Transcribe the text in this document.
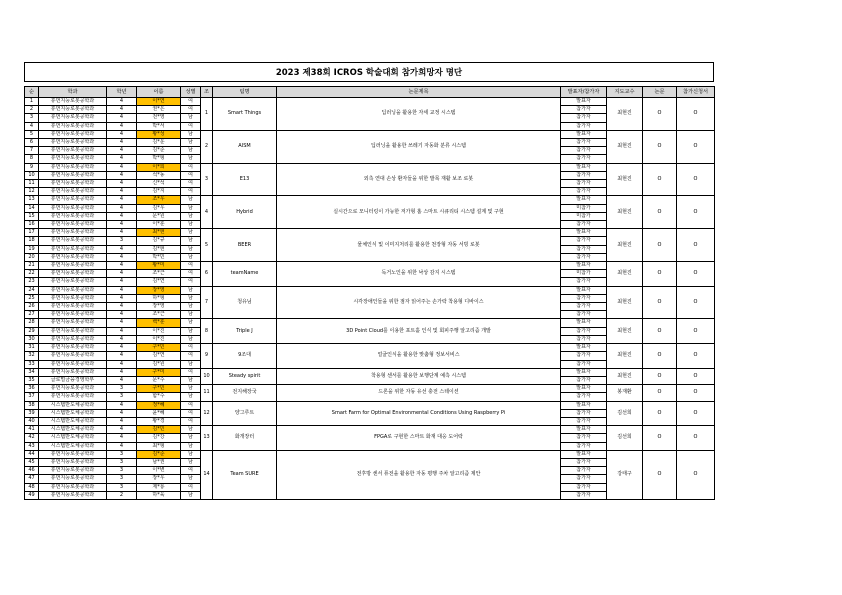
2023 제38회 ICROS 학술대회 참가희망자 명단
순	학과	학년	이름	성별	조	팀명	논문제목	발표자/참가자	지도교수	논문	참가신청서
1	휴먼지능로봇공학과	4	이*연	여	1	Smart Things	딥러닝을 활용한 자세 교정 시스템	발표자	최현진	O	O
2	휴먼지능로봇공학과	4	권*은	여				참가자			
3	휴먼지능로봇공학과	4	전*영	남				참가자			
4	휴먼지능로봇공학과	4	박*서	여				참가자			
5	휴먼지능로봇공학과	4	황*성	남	2	AISM	딥러닝을 활용한 쓰레기 자동화 분류 시스템	발표자	최현진	O	O
6	휴먼지능로봇공학과	4	김*운	남				참가자			
7	휴먼지능로봇공학과	4	김*준	남				참가자			
8	휴먼지능로봇공학과	4	박*형	남				참가자			
9	휴먼지능로봇공학과	4	이*희	여	3	E13	외측 연대 손상 환자들을 위한 발목 재활 보조 로봇	발표자	최현진	O	O
10	휴먼지능로봇공학과	4	석*동	여				참가자			
11	휴먼지능로봇공학과	4	신*석	여				참가자			
12	휴먼지능로봇공학과	4	김*지	여				참가자			
13	휴먼지능로봇공학과	4	조*우	남	4	Hybrid	실시간으로 모니터링이 가능한 저가형 홈 스마트 시큐리티 시스템 설계 및 구현	발표자	최현진	O	O
14	휴먼지능로봇공학과	4	김*우	남				미참가			
15	휴먼지능로봇공학과	4	문*원	남				미참가			
16	휴먼지능로봇공학과	4	이*훈	남				참가자			
17	휴먼지능로봇공학과	4	최*현	남	5	BEER	물체인식 및 이미지처리를 활용한 천장형 자동 서빙 로봇	발표자	최현진	O	O
18	휴먼지능로봇공학과	3	김*규	남				참가자			
19	휴먼지능로봇공학과	4	김*현	남				참가자			
20	휴먼지능로봇공학과	4	박*민	남				참가자			
21	휴먼지능로봇공학과	4	황*미	여	6	teamName	독거노인을 위한 낙상 감지 시스템	발표자	최현진	O	O
22	휴먼지능로봇공학과	4	조*근	여				미참가			
23	휴먼지능로봇공학과	4	김*연	여				참가자			
24	휴먼지능로봇공학과	4	장*영	남	7	청유님	시각장애인들을 위한 점자 읽어주는 손가락 착용형 디바이스	발표자	최현진	O	O
25	휴먼지능로봇공학과	4	하*형	남				참가자			
26	휴먼지능로봇공학과	4	장*영	남				참가자			
27	휴먼지능로봇공학과	4	조*근	남				참가자			
28	휴먼지능로봇공학과	4	백*훈	남	8	Triple J	3D Point Cloud를 이용한 포트홀 인식 및 회피주행 알고리즘 개발	발표자	최현진	O	O
29	휴먼지능로봇공학과	4	이*진	남				참가자			
30	휴먼지능로봇공학과	4	이*진	남				참가자			
31	휴먼지능로봇공학과	4	구*민	여	9	9조대	얼굴인식을 활용한 맞춤형 정보서비스	발표자	최현진	O	O
32	휴먼지능로봇공학과	4	김*연	여				참가자			
33	휴먼지능로봇공학과	4	김*원	남				참가자			
34	휴먼지능로봇공학과	4	구*미	여	10	Steady spirit	착용형 센서를 활용한 보행단계 예측 시스템	발표자	최현진	O	O
35	글로벌금융경영학부	4	문*수	남				참가자			
36	휴먼지능로봇공학과	3	구*민	남	11	전지해장국	드론을 위한 자동 유선 충전 스테이션	발표자	봉재환	O	O
37	휴먼지능로봇공학과	3	함*수	남				참가자			
38	시스템반도체공학과	4	정*혜	여	12	양그루트	Smart Farm for Optimal Environmental Conditions Using Raspberry Pi	발표자	김선희	O	O
39	시스템반도체공학과	4	윤*혜	여				참가자			
40	시스템반도체공학과	4	황*경	여				참가자			
41	시스템반도체공학과	4	김*민	남	13	화개장터	FPGA로 구현한 스마트 화재 대응 도어락	발표자	김선희	O	O
42	시스템반도체공학과	4	김*강	남				참가자			
43	시스템반도체공학과	4	최*형	남				참가자			
44	휴먼지능로봇공학과	3	김*준	남	14	Team SURE	전후방 센서 퓨전을 활용한 자동 평행 주차 알고리즘 제안	발표자	강태구	O	O
45	휴먼지능로봇공학과	3	남*권	남				참가자			
46	휴먼지능로봇공학과	3	이*변	여				참가자			
47	휴먼지능로봇공학과	3	장*우	남				참가자			
48	휴먼지능로봇공학과	3	제*룡	여				참가자			
49	휴먼지능로봇공학과	2	하*육	남				참가자			
